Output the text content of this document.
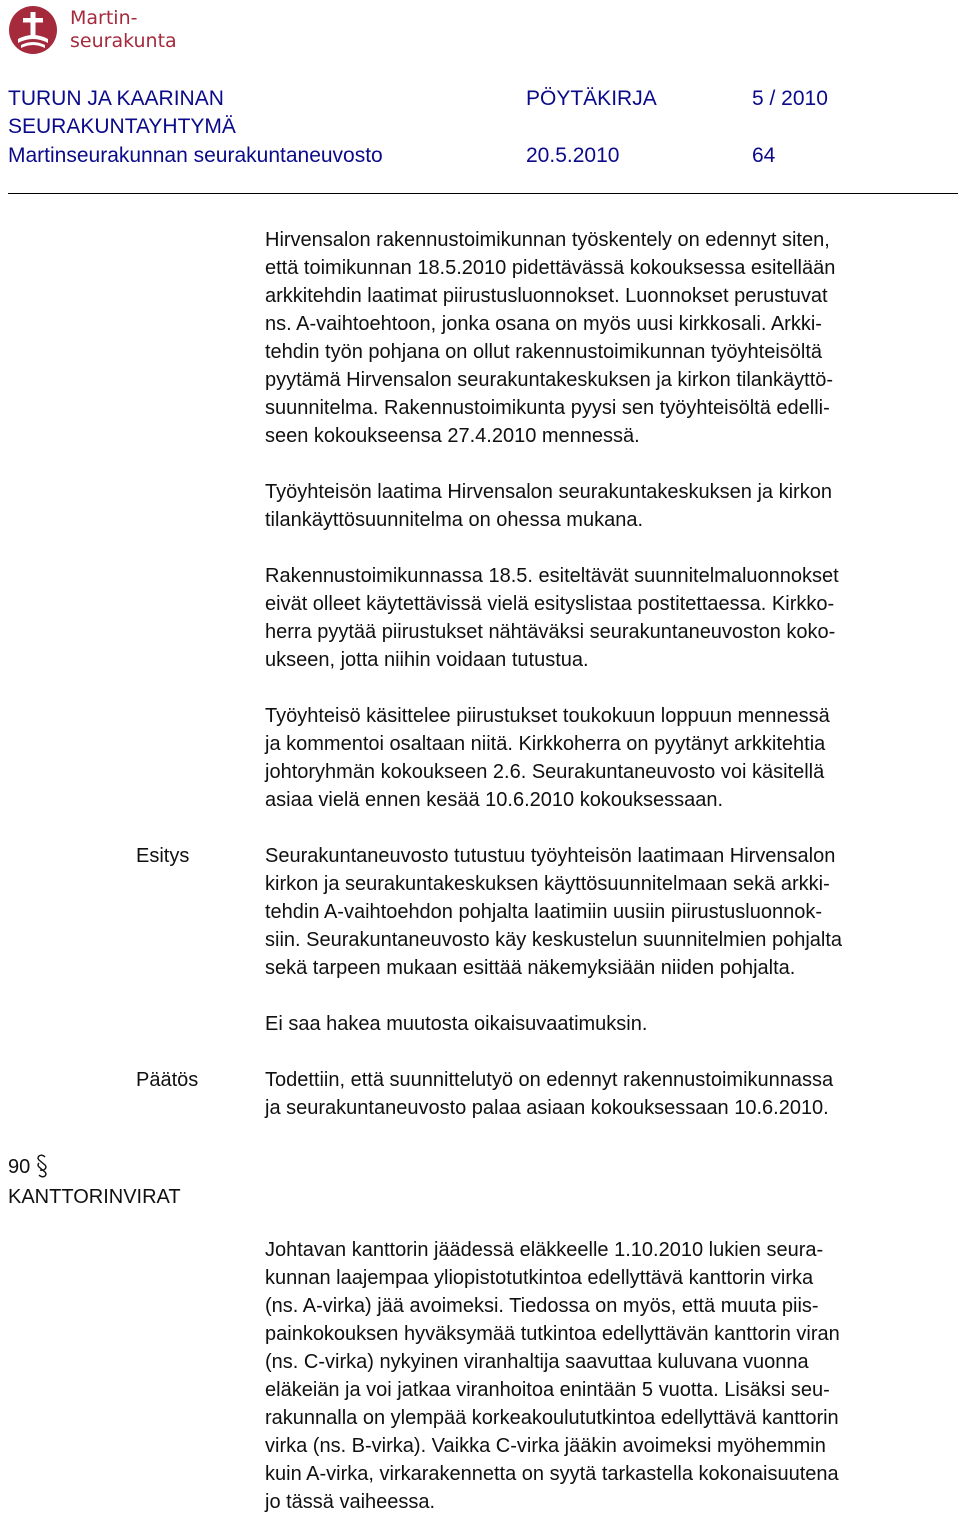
Martin-
seurakunta
TURUN JA KAARINAN	PÖYTÄKIRJA	5 / 2010
SEURAKUNTAYHTYMÄ
Martinseurakunnan seurakuntaneuvosto	20.5.2010	64

Hirvensalon rakennustoimikunnan työskentely on edennyt siten,
että toimikunnan 18.5.2010 pidettävässä kokouksessa esitellään
arkkitehdin laatimat piirustusluonnokset. Luonnokset perustuvat
ns. A-vaihtoehtoon, jonka osana on myös uusi kirkkosali. Arkki-
tehdin työn pohjana on ollut rakennustoimikunnan työyhteisöltä
pyytämä Hirvensalon seurakuntakeskuksen ja kirkon tilankäyttö-
suunnitelma. Rakennustoimikunta pyysi sen työyhteisöltä edelli-
seen kokoukseensa 27.4.2010 mennessä.

Työyhteisön laatima Hirvensalon seurakuntakeskuksen ja kirkon
tilankäyttösuunnitelma on ohessa mukana.

Rakennustoimikunnassa 18.5. esiteltävät suunnitelmaluonnokset
eivät olleet käytettävissä vielä esityslistaa postitettaessa. Kirkko-
herra pyytää piirustukset nähtäväksi seurakuntaneuvoston koko-
ukseen, jotta niihin voidaan tutustua.

Työyhteisö käsittelee piirustukset toukokuun loppuun mennessä
ja kommentoi osaltaan niitä. Kirkkoherra on pyytänyt arkkitehtia
johtoryhmän kokoukseen 2.6. Seurakuntaneuvosto voi käsitellä
asiaa vielä ennen kesää 10.6.2010 kokouksessaan.

Esitys	Seurakuntaneuvosto tutustuu työyhteisön laatimaan Hirvensalon
kirkon ja seurakuntakeskuksen käyttösuunnitelmaan sekä arkki-
tehdin A-vaihtoehdon pohjalta laatimiin uusiin piirustusluonnok-
siin. Seurakuntaneuvosto käy keskustelun suunnitelmien pohjalta
sekä tarpeen mukaan esittää näkemyksiään niiden pohjalta.

Ei saa hakea muutosta oikaisuvaatimuksin.

Päätös	Todettiin, että suunnittelutyö on edennyt rakennustoimikunnassa
ja seurakuntaneuvosto palaa asiaan kokouksessaan 10.6.2010.

90
KANTTORINVIRAT

Johtavan kanttorin jäädessä eläkkeelle 1.10.2010 lukien seura-
kunnan laajempaa yliopistotutkintoa edellyttävä kanttorin virka
(ns. A-virka) jää avoimeksi. Tiedossa on myös, että muuta piis-
painkokouksen hyväksymää tutkintoa edellyttävän kanttorin viran
(ns. C-virka) nykyinen viranhaltija saavuttaa kuluvana vuonna
eläkeiän ja voi jatkaa viranhoitoa enintään 5 vuotta. Lisäksi seu-
rakunnalla on ylempää korkeakoulututkintoa edellyttävä kanttorin
virka (ns. B-virka). Vaikka C-virka jääkin avoimeksi myöhemmin
kuin A-virka, virkarakennetta on syytä tarkastella kokonaisuutena
jo tässä vaiheessa.
